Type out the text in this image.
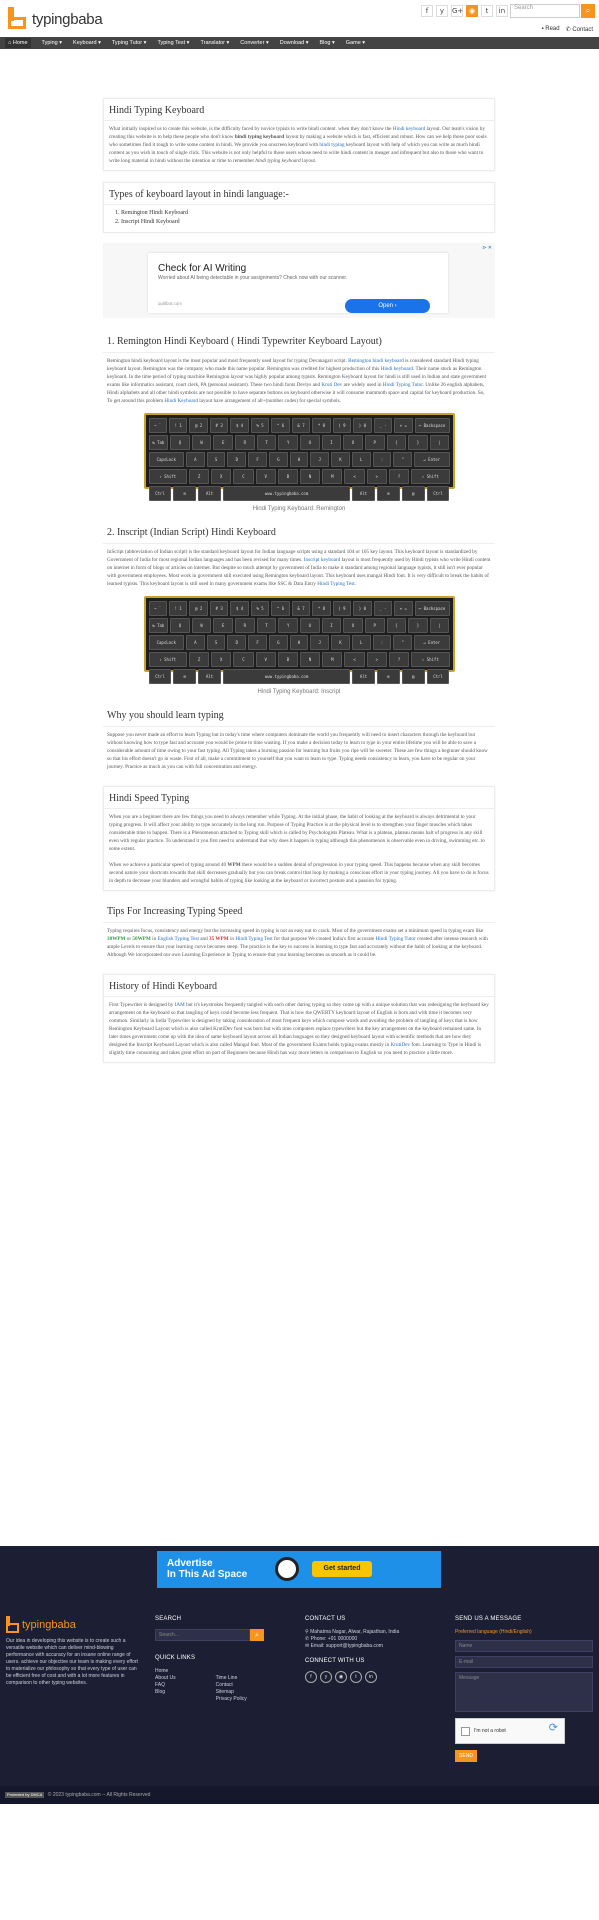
typingbaba	f	y	G+ ◉	t	in	Search	⌕
▪ Read ✆ Contact
⌂ Home	Typing ▾ Keyboard ▾ Typing Tutor ▾ Typing Test ▾ Translator ▾ Converter ▾ Download ▾ Blog ▾ Game ▾
Hindi Typing Keyboard
What initially inspired us to create this website, is the difficulty faced by novice typists to write hindi content. when they don't know the Hindi keyboard layout. Our team's vision by creating this website is to help these people who don't know hindi typing keyboard layout by making a website which is fast, efficient and robust. How can we help those poor souls who sometimes find it tough to write some content in hindi. We provide you onscreen keyboard with hindi typing keyboard layout with help of which you can write as much hindi content as you wish in touch of single click. This website is not only helpful to those users whose need to write hindi content in meager and infrequent but also to those who want to write long material in hindi without the intention or time to remember hindi typing keyboard layout.
Types of keyboard layout in hindi language:-
1. Remington Hindi Keyboard
2. Inscript Hindi Keyboard
⊳ ✕
Check for AI Writing
Worried about AI being detectable in your assignments? Check now with our scanner.
quillbot.com	Open ›
1. Remington Hindi Keyboard ( Hindi Typewriter Keyboard Layout)
Remington hindi keyboard layout is the most popular and most frequently used layout for typing Devanagari script. Remington hindi keyboard is considered standard Hindi typing keyboard layout. Remington was the company who made this name popular. Remington was credited for highest production of this Hindi keyboard. Their name stuck as Remington keyboard. In the time period of typing machine Remington layout was highly popular among typists. Remington Keyboard layout for hindi is still used in Indian and state government exams like informatics assistant, court clerk, PA (personal assistant). These two hindi fonts Devlys and Kruti Dev are widely used in Hindi Typing Tutor. Unlike 26 english alphabets, Hindi alphabets and all other hindi symbols are not possible to have separate buttons on keyboard otherwise it will consume mammoth space and capital for keyboard production. So, To get around this problem Hindi Keyboard layout have arrangement of alt+(number codes) for special symbols.
~ `	! 1	@ 2	# 3	$ 4	% 5	^ 6	& 7	* 8	( 9	) 0	_ -	+ =	⟵ Backspace
↹ Tab	Q	W	E	R	T	Y	U	I	O	P	{	}	|
CapsLock	A	S	D	F	G	H	J	K	L	:	"	↵ Enter
⇧ Shift	Z	X	C	V	B	N	M	<	>	?	⇧ Shift
Ctrl	⊞	Alt	www.typingbaba.com	Alt	⊞	▤	Ctrl
Hindi Typing Keyboard: Remington
2. Inscript (Indian Script) Hindi Keyboard
InScript (abbreviation of Indian script) is the standard keyboard layout for Indian language scripts using a standard 104 or 105 key layout. This keyboard layout is standardized by Government of India for most regional Indian languages and has been revised for many times. Inscript keyboard layout is most frequently used by Hindi typists who write Hindi content on internet in form of blogs or articles on internet. But despite so much attempt by government of India to make it standard among regional language typists, it still isn't ever popular with government employees. Most work in government still executed using Remington keyboard layout. This keyboard uses mangal Hindi font. It is very difficult to break the habits of learned typists. This keyboard layout is still used in many government exams like SSC & Data Entry Hindi Typing Test.
~ `	! 1	@ 2	# 3	$ 4	% 5	^ 6	& 7	* 8	( 9	) 0	_ -	+ =	⟵ Backspace
↹ Tab	Q	W	E	R	T	Y	U	I	O	P	{	}	|
CapsLock	A	S	D	F	G	H	J	K	L	:	"	↵ Enter
⇧ Shift	Z	X	C	V	B	N	M	<	>	?	⇧ Shift
Ctrl	⊞	Alt	www.typingbaba.com	Alt	⊞	▤	Ctrl
Hindi Typing Keyboard: Inscript
Why you should learn typing
Suppose you never made an effort to learn Typing but in today's time where computers dominate the world you frequently will need to insert characters through the keyboard but without knowing how to type fast and accurate you would be prone to time wasting. If you make a decision today to learn to type in your entire lifetime you will be able to save a considerable amount of time owing to your fast typing. All Typing takes a burning passion for learning but fruits you ripe will be sweeter. These are few things a beginner should know so that his effort doesn't go in waste. First of all, make a commitment to yourself that you want to learn to type. Typing needs consistency to learn, you have to be regular on your journey. Practice as much as you can with full concentration and energy.
Hindi Speed Typing
When you are a beginner there are few things you need to always remember while Typing. At the initial phase, the habit of looking at the keyboard is always detrimental to your typing progress. It will affect your ability to type accurately in the long run. Purpose of Typing Practice is at the physical level is to strengthen your finger muscles which takes considerable time to happen. There is a Phenomenon attached to Typing skill which is called by Psychologists Plateau. What is a plateau, plateau means halt of progress in any skill even with regular practice. To understand it you first need to understand that why does it happen in typing although this phenomenon is observable even in driving, swimming etc. to some extent.
When we achieve a particular speed of typing around 40 WPM there would be a sudden denial of progression in your typing speed. This happens because when any skill becomes second nature your shortcuts towards that skill decreases gradually but you can break control that loop by making a conscious effort in your typing journey. All you have to do is focus in depth to decrease your blunders and wrongful habits of typing like looking at the keyboard or incorrect posture and a passion for typing.
Tips For Increasing Typing Speed
Typing requires focus, consistency and energy but the increasing speed in typing is not an easy nut to crack. Most of the government exams set a minimum speed in typing exam like 30WPM or 50WPM in English Typing Test and 35 WPM in Hindi Typing Test for that purpose We created India's first accurate Hindi Typing Tutor created after intense research with ample Levels to ensure that your learning curve becomes steep. The practice is the key to success in learning to type fast and accurately without the habit of looking at the keyboard. Although We incorporated our own Learning Experience in Typing to ensure that your learning becomes as smooth as it could be.
History of Hindi Keyboard
First Typewriter is designed by IAM but it's keystrokes frequently tangled with each other during typing so they come up with a unique solution that was redesigning the keyboard key arrangement on the keyboard so that tangling of keys could become less frequent. That is how the QWERTY keyboard layout of English is born and with time it becomes very common. Similarly in India Typewriter is designed by taking consideration of most frequent keys which compose words and avoiding the problem of tangling of keys that is how Remington Keyboard Layout which is also called KrutiDev font was born but with time computers replace typewriters but the key arrangement on the keyboard remained same. In later times government come up with the idea of same keyboard layout across all Indian languages so they designed keyboard layout with scientific methods that are how they designed the Inscript Keyboard Layout which is also called Mangal font. Most of the government Exams holds typing exams mostly in KrutiDev font. Learning to Type in Hindi is slightly time consuming and takes great effort on part of Beginners because Hindi has way more letters in comparison to English so you need to practice a little more.
Advertise
In This Ad Space
Get started
typingbaba
Our idea in developing this website is to create such a versatile website which can deliver mind-blowing performance with accuracy for an insane online range of users. achieve our objective our team is making every effort to materialize our philosophy so that every type of user can be efficient free of cost and with a lot more features in comparison to other typing websites.
SEARCH
Search...	⌕
QUICK LINKS
Home
About Us
FAQ
Blog
Time Line
Contact
Sitemap
Privacy Policy
CONTACT US
⚲ Mahatma Nagar, Alwar, Rajasthan, India
✆ Phone: +91 0000000
✉ Email: support@typingbaba.com
CONNECT WITH US
f	y	◉	t	in
SEND US A MESSAGE
Preferred language (Hindi/English)
Name
E-mail
Message
I'm not a robot	⟳
SEND
Protected by DMCA © 2023 typingbaba.com -- All Rights Reserved
